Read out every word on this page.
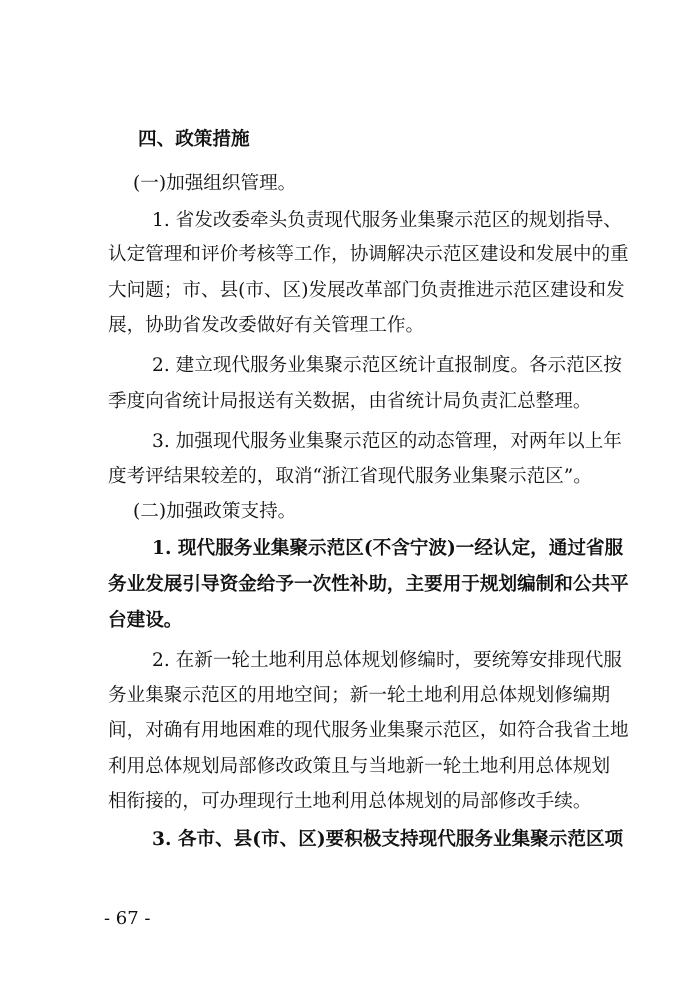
四、政策措施
(一)加强组织管理。
1. 省发改委牵头负责现代服务业集聚示范区的规划指导、
认定管理和评价考核等工作，协调解决示范区建设和发展中的重
大问题；市、县(市、区)发展改革部门负责推进示范区建设和发
展，协助省发改委做好有关管理工作。
2. 建立现代服务业集聚示范区统计直报制度。各示范区按
季度向省统计局报送有关数据，由省统计局负责汇总整理。
3. 加强现代服务业集聚示范区的动态管理，对两年以上年
度考评结果较差的，取消“浙江省现代服务业集聚示范区”。
(二)加强政策支持。
1. 现代服务业集聚示范区(不含宁波)一经认定，通过省服
务业发展引导资金给予一次性补助，主要用于规划编制和公共平
台建设。
2. 在新一轮土地利用总体规划修编时，要统筹安排现代服
务业集聚示范区的用地空间；新一轮土地利用总体规划修编期
间，对确有用地困难的现代服务业集聚示范区，如符合我省土地
利用总体规划局部修改政策且与当地新一轮土地利用总体规划
相衔接的，可办理现行土地利用总体规划的局部修改手续。
3. 各市、县(市、区)要积极支持现代服务业集聚示范区项
- 67 -
